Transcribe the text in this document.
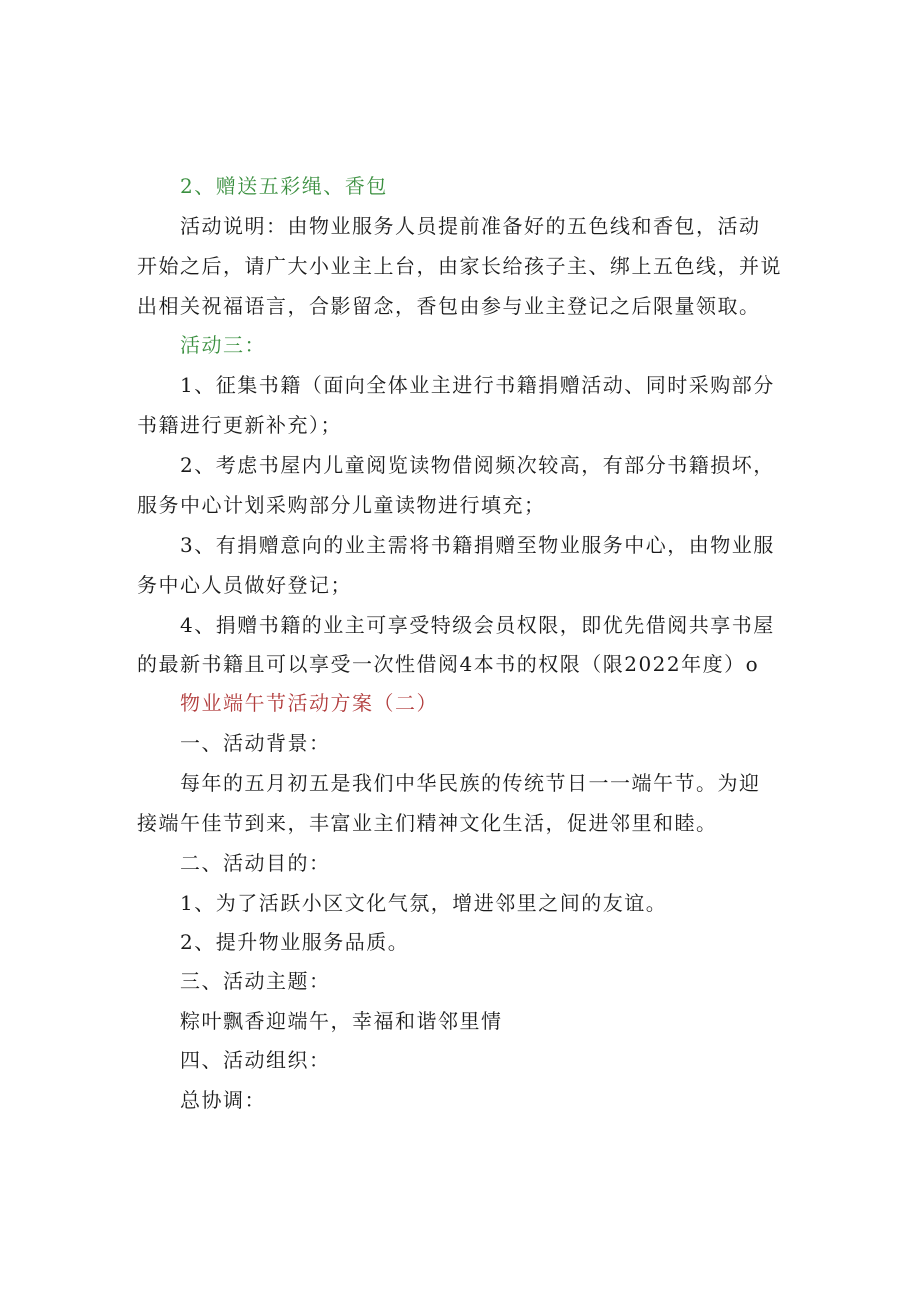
2、赠送五彩绳、香包
活动说明：由物业服务人员提前准备好的五色线和香包，活动
开始之后，请广大小业主上台，由家长给孩子主、绑上五色线，并说
出相关祝福语言，合影留念，香包由参与业主登记之后限量领取。
活动三：
1、征集书籍（面向全体业主进行书籍捐赠活动、同时采购部分
书籍进行更新补充）；
2、考虑书屋内儿童阅览读物借阅频次较高，有部分书籍损坏，
服务中心计划采购部分儿童读物进行填充；
3、有捐赠意向的业主需将书籍捐赠至物业服务中心，由物业服
务中心人员做好登记；
4、捐赠书籍的业主可享受特级会员权限，即优先借阅共享书屋
的最新书籍且可以享受一次性借阅4本书的权限（限2022年度）o
物业端午节活动方案（二）
一、活动背景：
每年的五月初五是我们中华民族的传统节日一一端午节。为迎
接端午佳节到来，丰富业主们精神文化生活，促进邻里和睦。
二、活动目的：
1、为了活跃小区文化气氛，增进邻里之间的友谊。
2、提升物业服务品质。
三、活动主题：
粽叶飘香迎端午，幸福和谐邻里情
四、活动组织：
总协调：
